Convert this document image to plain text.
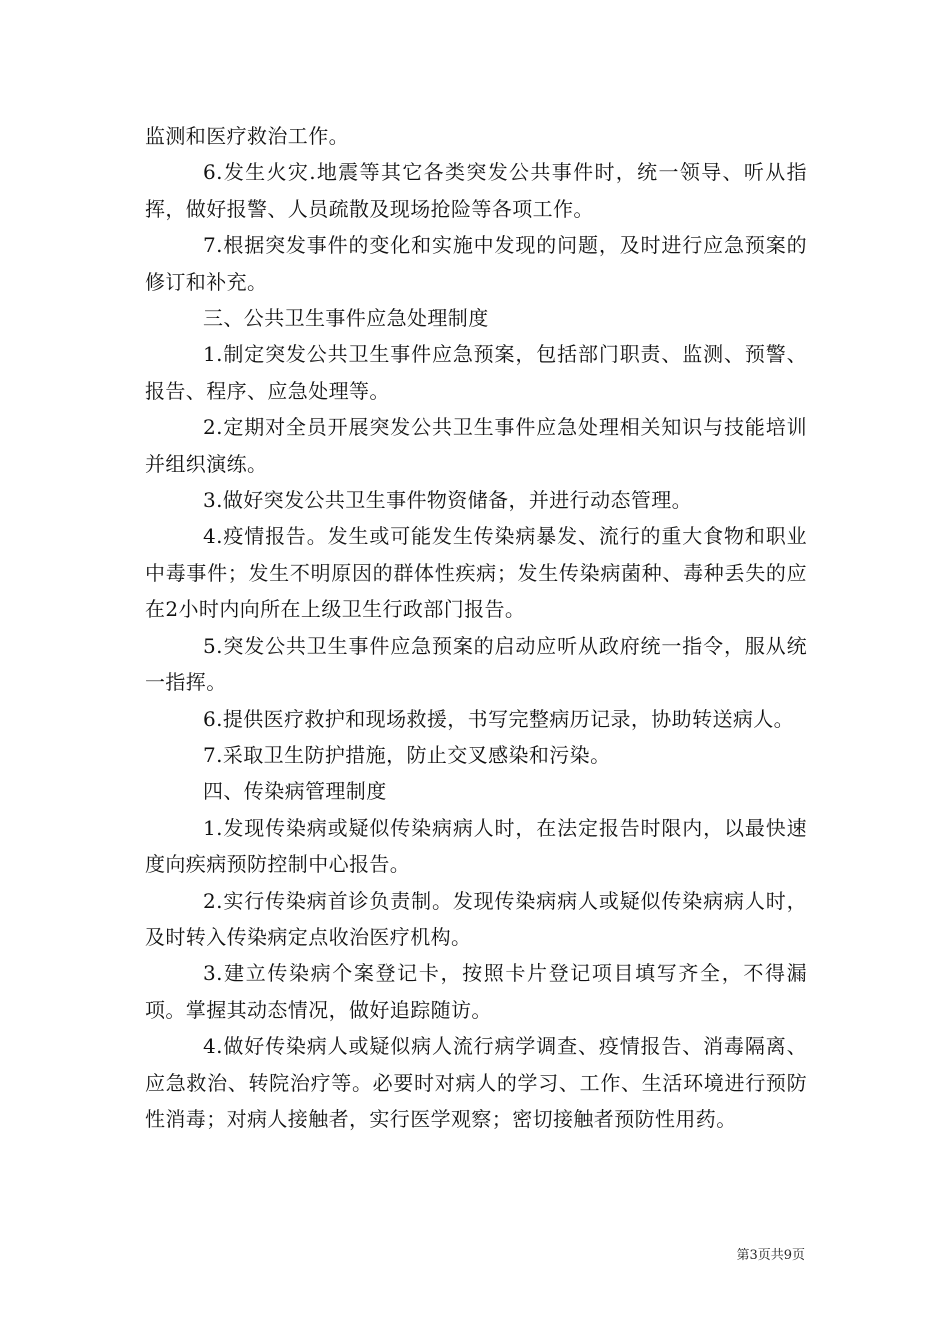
监测和医疗救治工作。

6.发生火灾.地震等其它各类突发公共事件时，统一领导、听从指挥，做好报警、人员疏散及现场抢险等各项工作。

7.根据突发事件的变化和实施中发现的问题，及时进行应急预案的修订和补充。

三、公共卫生事件应急处理制度

1.制定突发公共卫生事件应急预案，包括部门职责、监测、预警、报告、程序、应急处理等。

2.定期对全员开展突发公共卫生事件应急处理相关知识与技能培训并组织演练。

3.做好突发公共卫生事件物资储备，并进行动态管理。

4.疫情报告。发生或可能发生传染病暴发、流行的重大食物和职业中毒事件；发生不明原因的群体性疾病；发生传染病菌种、毒种丢失的应在2小时内向所在上级卫生行政部门报告。

5.突发公共卫生事件应急预案的启动应听从政府统一指令，服从统一指挥。

6.提供医疗救护和现场救援，书写完整病历记录，协助转送病人。

7.采取卫生防护措施，防止交叉感染和污染。

四、传染病管理制度

1.发现传染病或疑似传染病病人时，在法定报告时限内，以最快速度向疾病预防控制中心报告。

2.实行传染病首诊负责制。发现传染病病人或疑似传染病病人时，及时转入传染病定点收治医疗机构。

3.建立传染病个案登记卡，按照卡片登记项目填写齐全，不得漏项。掌握其动态情况，做好追踪随访。

4.做好传染病人或疑似病人流行病学调查、疫情报告、消毒隔离、应急救治、转院治疗等。必要时对病人的学习、工作、生活环境进行预防性消毒；对病人接触者，实行医学观察；密切接触者预防性用药。

第3页共9页
